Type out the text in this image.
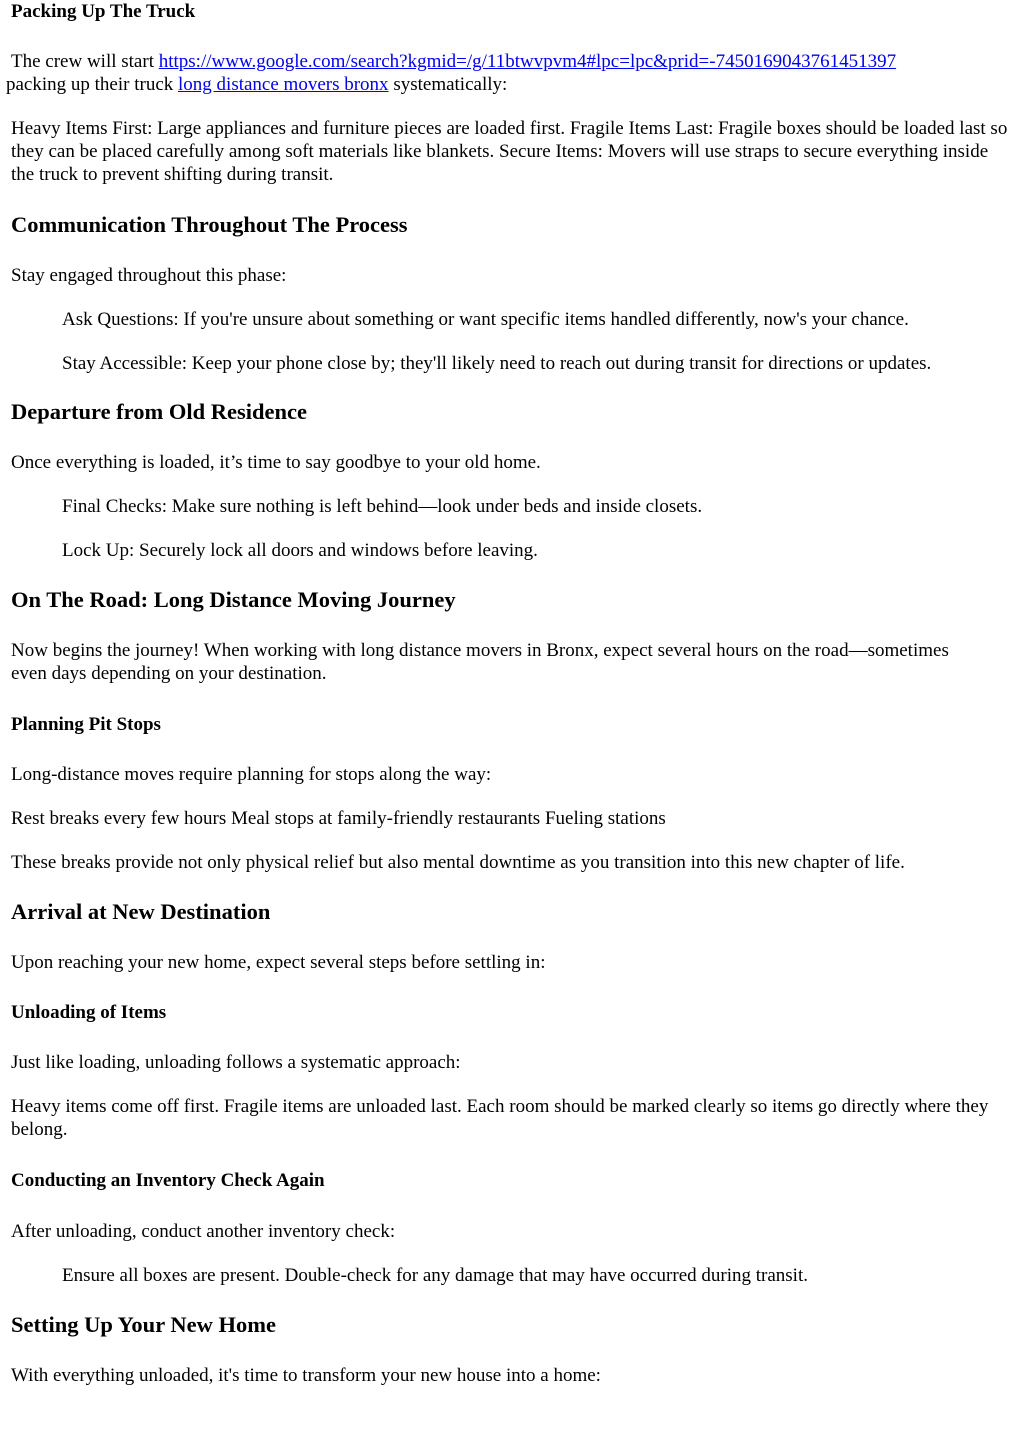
Packing Up The Truck

The crew will start https://www.google.com/search?kgmid=/g/11btwvpvm4#lpc=lpc&prid=-7450169043761451397
packing up their truck long distance movers bronx systematically:

Heavy Items First: Large appliances and furniture pieces are loaded first. Fragile Items Last: Fragile boxes should be loaded last so they can be placed carefully among soft materials like blankets. Secure Items: Movers will use straps to secure everything inside the truck to prevent shifting during transit.

Communication Throughout The Process

Stay engaged throughout this phase:

Ask Questions: If you're unsure about something or want specific items handled differently, now's your chance.

Stay Accessible: Keep your phone close by; they'll likely need to reach out during transit for directions or updates.

Departure from Old Residence

Once everything is loaded, it’s time to say goodbye to your old home.

Final Checks: Make sure nothing is left behind—look under beds and inside closets.

Lock Up: Securely lock all doors and windows before leaving.

On The Road: Long Distance Moving Journey

Now begins the journey! When working with long distance movers in Bronx, expect several hours on the road—sometimes even days depending on your destination.

Planning Pit Stops

Long-distance moves require planning for stops along the way:

Rest breaks every few hours Meal stops at family-friendly restaurants Fueling stations

These breaks provide not only physical relief but also mental downtime as you transition into this new chapter of life.

Arrival at New Destination

Upon reaching your new home, expect several steps before settling in:

Unloading of Items

Just like loading, unloading follows a systematic approach:

Heavy items come off first. Fragile items are unloaded last. Each room should be marked clearly so items go directly where they belong.

Conducting an Inventory Check Again

After unloading, conduct another inventory check:

Ensure all boxes are present. Double-check for any damage that may have occurred during transit.

Setting Up Your New Home

With everything unloaded, it's time to transform your new house into a home:
